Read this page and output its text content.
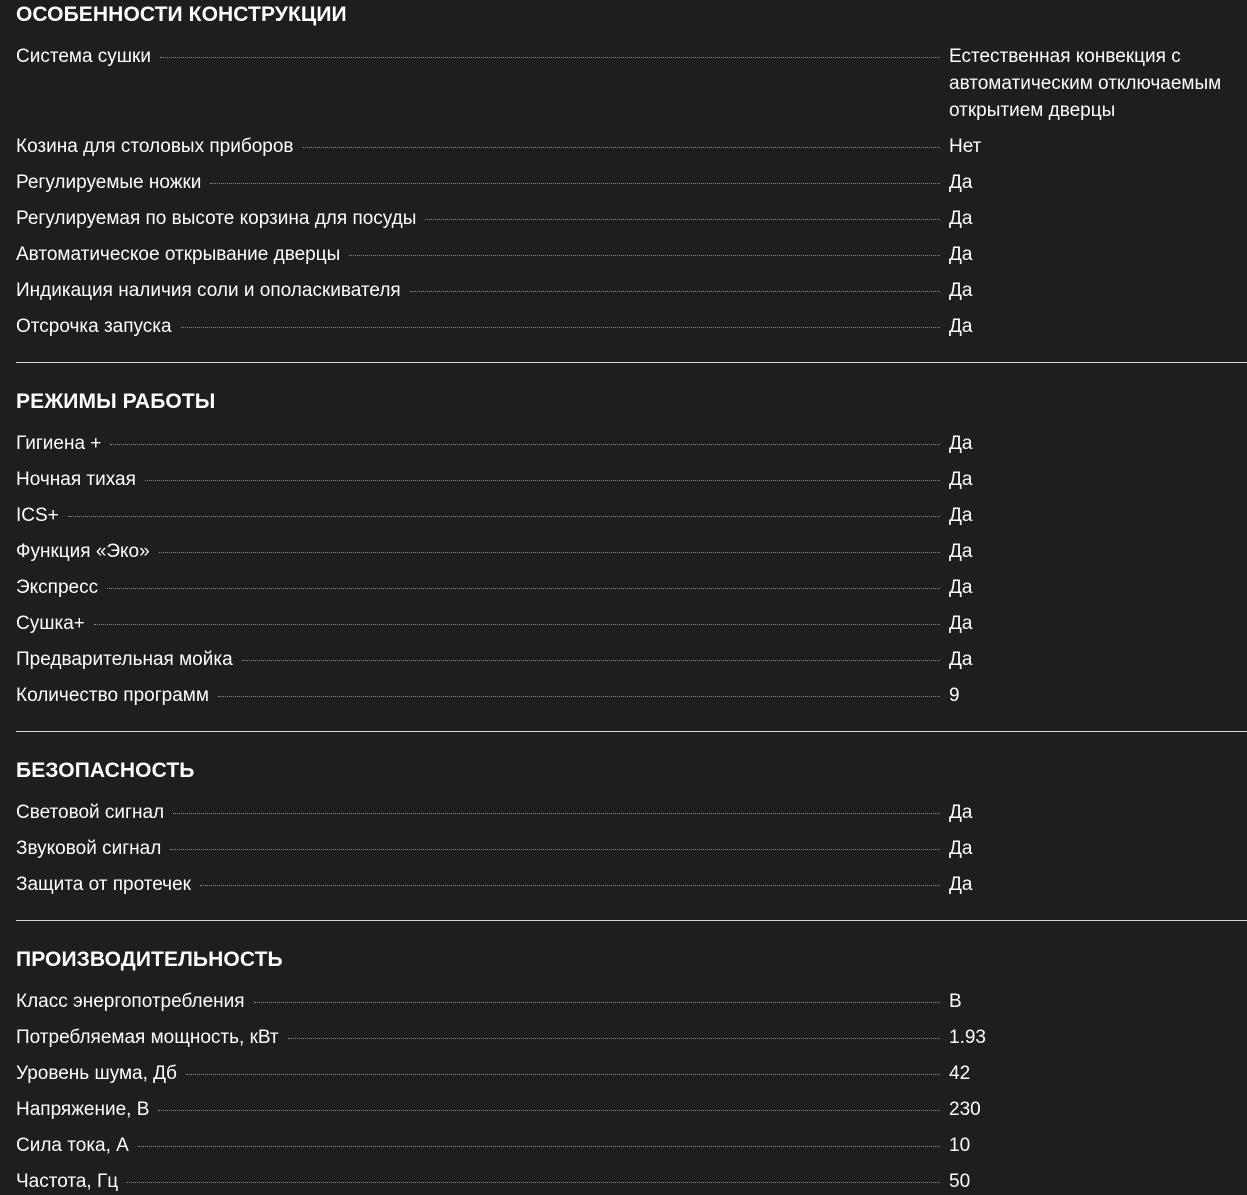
ОСОБЕННОСТИ КОНСТРУКЦИИ
Система сушки	Естественная конвекция с
автоматическим отключаемым
открытием дверцы
Козина для столовых приборов	Нет
Регулируемые ножки	Да
Регулируемая по высоте корзина для посуды	Да
Автоматическое открывание дверцы	Да
Индикация наличия соли и ополаскивателя	Да
Отсрочка запуска	Да
РЕЖИМЫ РАБОТЫ
Гигиена +	Да
Ночная тихая	Да
ICS+	Да
Функция «Эко»	Да
Экспресс	Да
Сушка+	Да
Предварительная мойка	Да
Количество программ	9
БЕЗОПАСНОСТЬ
Световой сигнал	Да
Звуковой сигнал	Да
Защита от протечек	Да
ПРОИЗВОДИТЕЛЬНОСТЬ
Класс энергопотребления	B
Потребляемая мощность, кВт	1.93
Уровень шума, Дб	42
Напряжение, В	230
Сила тока, А	10
Частота, Гц	50
